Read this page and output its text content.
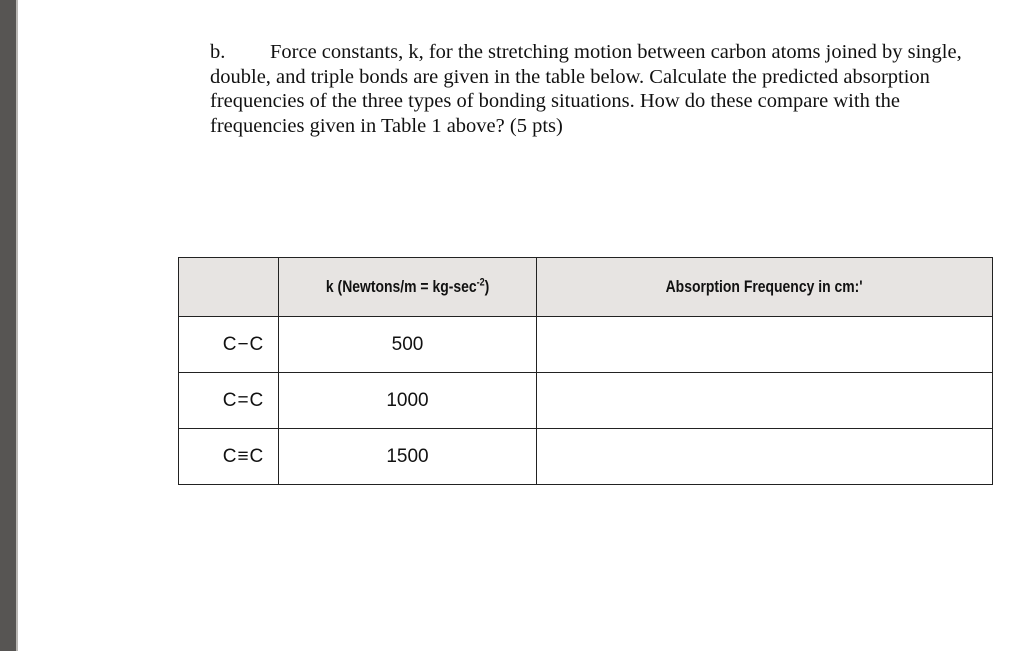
b. Force constants, k, for the stretching motion between carbon atoms joined by single, double, and triple bonds are given in the table below. Calculate the predicted absorption frequencies of the three types of bonding situations. How do these compare with the frequencies given in Table 1 above? (5 pts)

	k (Newtons/m = $kg-\sec^{-2}$)	Absorption Frequency in cm:'
C−C	500	
C=C	1000	
C≡C	1500	
